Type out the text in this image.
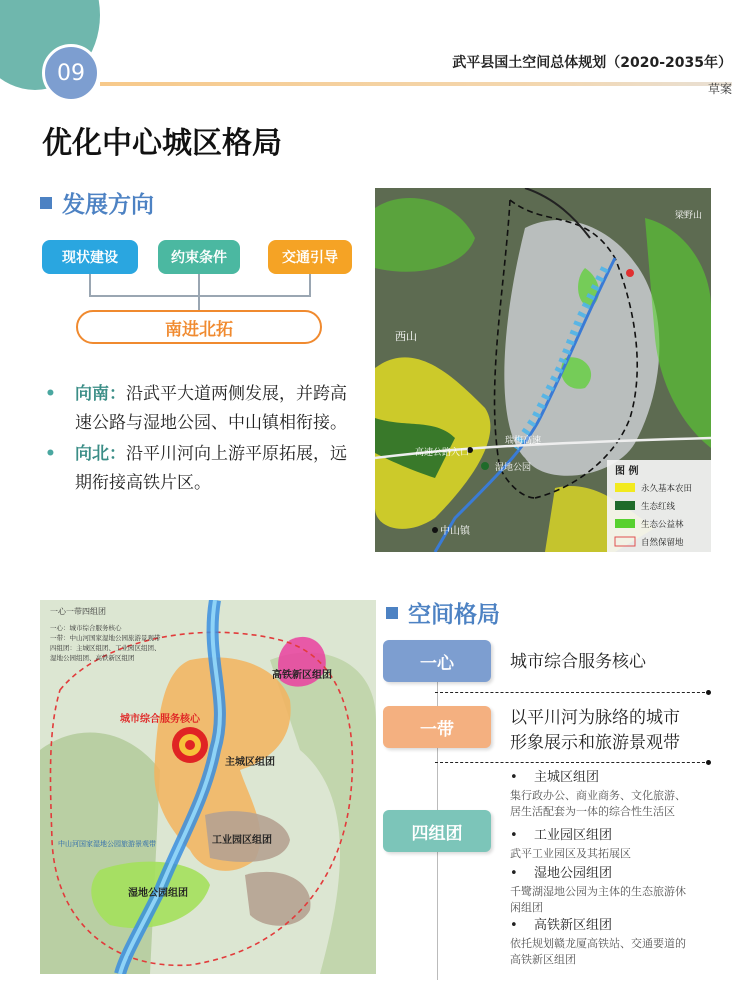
09	武平县国土空间总体规划（2020-2035年）
草案
优化中心城区格局
发展方向
现状建设	约束条件	交通引导
南进北拓
•	向南：沿武平大道两侧发展，并跨高速公路与湿地公园、中山镇相衔接。
•	向北：沿平川河向上游平原拓展，远期衔接高铁片区。
西山
高速公路入口
瑞梅高速
湿地公园
中山镇
梁野山
图 例
永久基本农田
生态红线
生态公益林
自然保留地
一心一带四组团
一心：城市综合服务核心
一带：中山河国家湿地公园旅游景观带
四组团：主城区组团、工业园区组团、
湿地公园组团、高铁新区组团
高铁新区组团
城市综合服务核心
主城区组团
工业园区组团
湿地公园组团
中山河国家湿地公园旅游景观带
空间格局
一心	城市综合服务核心
一带
以平川河为脉络的城市
形象展示和旅游景观带
四组团
• 主城区组团
集行政办公、商业商务、文化旅游、
居生活配套为一体的综合性生活区
• 工业园区组团
武平工业园区及其拓展区
• 湿地公园组团
千鹭湖湿地公园为主体的生态旅游休
闲组团
• 高铁新区组团
依托规划赣龙厦高铁站、交通要道的
高铁新区组团
